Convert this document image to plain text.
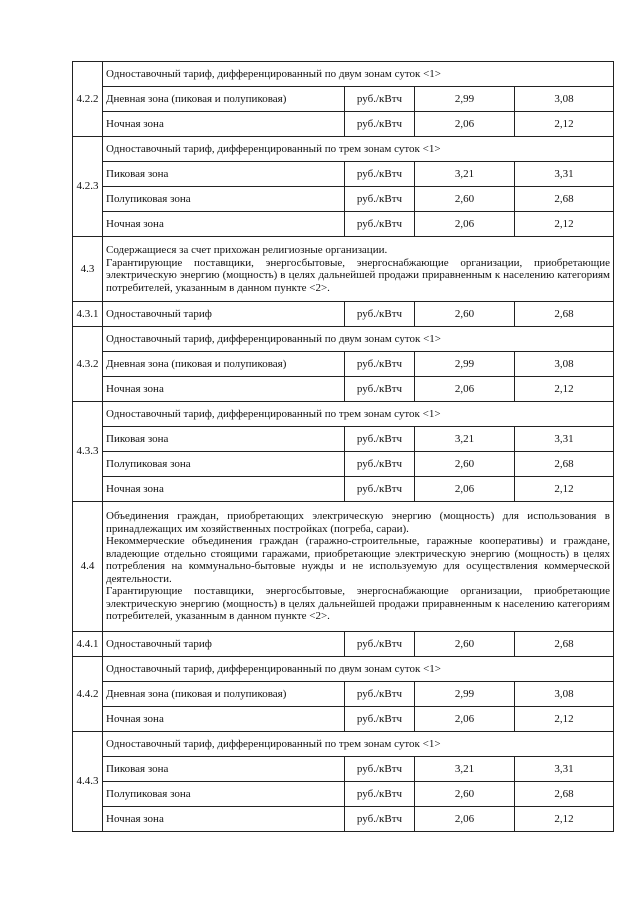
4.2.2	Одноставочный тариф, дифференцированный по двум зонам суток <1>			
	Дневная зона (пиковая и полупиковая)	руб./кВтч	2,99	3,08
	Ночная зона	руб./кВтч	2,06	2,12
4.2.3	Одноставочный тариф, дифференцированный по трем зонам суток <1>			
	Пиковая зона	руб./кВтч	3,21	3,31
	Полупиковая зона	руб./кВтч	2,60	2,68
	Ночная зона	руб./кВтч	2,06	2,12
4.3	Содержащиеся за счет прихожан религиозные организации.
Гарантирующие поставщики, энергосбытовые, энергоснабжающие организации, приобретающие электрическую энергию (мощность) в целях дальнейшей продажи приравненным к населению категориям потребителей, указанным в данном пункте <2>.			

4.3.1	Одноставочный тариф	руб./кВтч	2,60	2,68
4.3.2	Одноставочный тариф, дифференцированный по двум зонам суток <1>			
	Дневная зона (пиковая и полупиковая)	руб./кВтч	2,99	3,08
	Ночная зона	руб./кВтч	2,06	2,12
4.3.3	Одноставочный тариф, дифференцированный по трем зонам суток <1>			
	Пиковая зона	руб./кВтч	3,21	3,31
	Полупиковая зона	руб./кВтч	2,60	2,68
	Ночная зона	руб./кВтч	2,06	2,12
4.4	Объединения граждан, приобретающих электрическую энергию (мощность) для использования в принадлежащих им хозяйственных постройках (погреба, сараи).
Некоммерческие объединения граждан (гаражно-строительные, гаражные кооперативы) и граждане, владеющие отдельно стоящими гаражами, приобретающие электрическую энергию (мощность) в целях потребления на коммунально-бытовые нужды и не используемую для осуществления коммерческой деятельности.
Гарантирующие поставщики, энергосбытовые, энергоснабжающие организации, приобретающие электрическую энергию (мощность) в целях дальнейшей продажи приравненным к населению категориям потребителей, указанным в данном пункте <2>.			

4.4.1	Одноставочный тариф	руб./кВтч	2,60	2,68
4.4.2	Одноставочный тариф, дифференцированный по двум зонам суток <1>			
	Дневная зона (пиковая и полупиковая)	руб./кВтч	2,99	3,08
	Ночная зона	руб./кВтч	2,06	2,12
4.4.3	Одноставочный тариф, дифференцированный по трем зонам суток <1>			
	Пиковая зона	руб./кВтч	3,21	3,31
	Полупиковая зона	руб./кВтч	2,60	2,68
	Ночная зона	руб./кВтч	2,06	2,12
